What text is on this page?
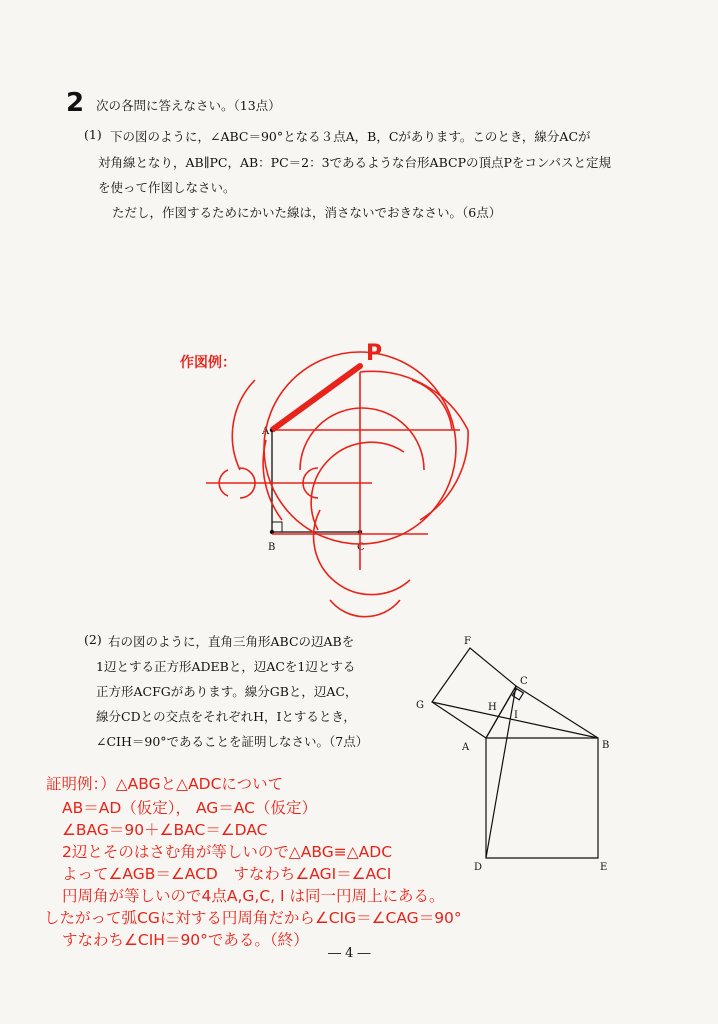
2 次の各問に答えなさい。（13点）
(1) 下の図のように，∠ABC＝90°となる３点A，B，Cがあります。このとき，線分ACが
対角線となり，AB∥PC，AB：PC＝2：3であるような台形ABCPの頂点Pをコンパスと定規
を使って作図しなさい。
ただし，作図するためにかいた線は，消さないでおきなさい。（6点）
作図例：
A
B	C
P
(2) 右の図のように，直角三角形ABCの辺ABを
1辺とする正方形ADEBと，辺ACを1辺とする
正方形ACFGがあります。線分GBと，辺AC，
線分CDとの交点をそれぞれH，Iとするとき，
∠CIH＝90°であることを証明しなさい。（7点）
F
C
G	H
I
A	B
D	E
証明例：）△ABGと△ADCについて
AB＝AD（仮定）， AG＝AC（仮定）
∠BAG＝90＋∠BAC＝∠DAC
2辺とそのはさむ角が等しいので△ABG≡△ADC
よって∠AGB＝∠ACD　すなわち∠AGI＝∠ACI
円周角が等しいので4点A,G,C, I は同一円周上にある。
したがって弧CGに対する円周角だから∠CIG＝∠CAG＝90°
すなわち∠CIH＝90°である。（終）
― 4 ―
